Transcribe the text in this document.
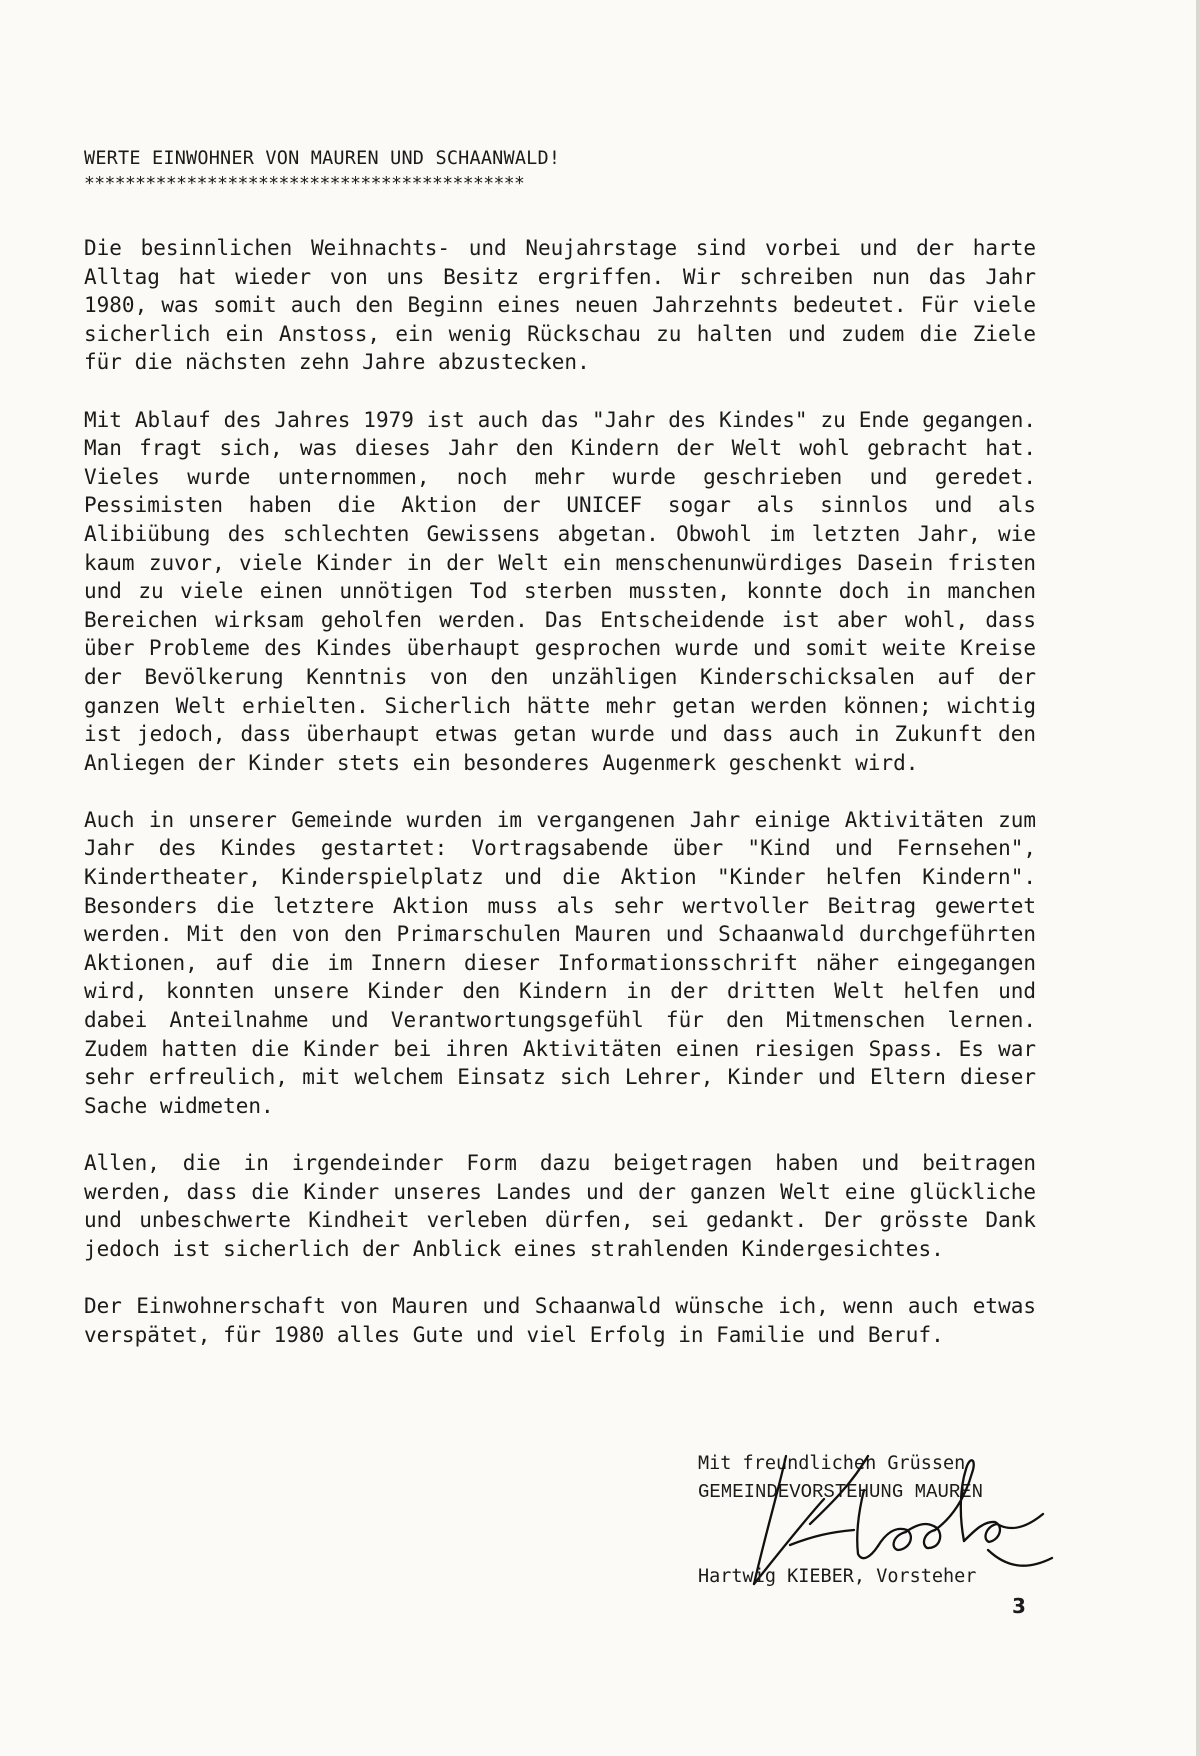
WERTE EINWOHNER VON MAUREN UND SCHAANWALD!
*******************************************

Die besinnlichen Weihnachts- und Neujahrstage sind vorbei und der harte Alltag hat wieder von uns Besitz ergriffen. Wir schreiben nun das Jahr 1980, was somit auch den Beginn eines neuen Jahrzehnts bedeutet. Für viele sicherlich ein Anstoss, ein wenig Rückschau zu halten und zudem die Ziele für die nächsten zehn Jahre abzustecken.

Mit Ablauf des Jahres 1979 ist auch das "Jahr des Kindes" zu Ende gegangen. Man fragt sich, was dieses Jahr den Kindern der Welt wohl gebracht hat. Vieles wurde unternommen, noch mehr wurde geschrieben und geredet. Pessimisten haben die Aktion der UNICEF sogar als sinnlos und als Alibiübung des schlechten Gewissens abgetan. Obwohl im letzten Jahr, wie kaum zuvor, viele Kinder in der Welt ein menschenunwürdiges Dasein fristen und zu viele einen unnötigen Tod sterben mussten, konnte doch in manchen Bereichen wirksam geholfen werden. Das Entscheidende ist aber wohl, dass über Probleme des Kindes überhaupt gesprochen wurde und somit weite Kreise der Bevölkerung Kenntnis von den unzähligen Kinderschicksalen auf der ganzen Welt erhielten. Sicherlich hätte mehr getan werden können; wichtig ist jedoch, dass überhaupt etwas getan wurde und dass auch in Zukunft den Anliegen der Kinder stets ein besonderes Augenmerk geschenkt wird.

Auch in unserer Gemeinde wurden im vergangenen Jahr einige Aktivitäten zum Jahr des Kindes gestartet: Vortragsabende über "Kind und Fernsehen", Kindertheater, Kinderspielplatz und die Aktion "Kinder helfen Kindern". Besonders die letztere Aktion muss als sehr wertvoller Beitrag gewertet werden. Mit den von den Primarschulen Mauren und Schaanwald durchgeführten Aktionen, auf die im Innern dieser Informationsschrift näher eingegangen wird, konnten unsere Kinder den Kindern in der dritten Welt helfen und dabei Anteilnahme und Verantwortungsgefühl für den Mitmenschen lernen. Zudem hatten die Kinder bei ihren Aktivitäten einen riesigen Spass. Es war sehr erfreulich, mit welchem Einsatz sich Lehrer, Kinder und Eltern dieser Sache widmeten.

Allen, die in irgendeinder Form dazu beigetragen haben und beitragen werden, dass die Kinder unseres Landes und der ganzen Welt eine glückliche und unbeschwerte Kindheit verleben dürfen, sei gedankt. Der grösste Dank jedoch ist sicherlich der Anblick eines strahlenden Kindergesichtes.

Der Einwohnerschaft von Mauren und Schaanwald wünsche ich, wenn auch etwas verspätet, für 1980 alles Gute und viel Erfolg in Familie und Beruf.

Mit freundlichen Grüssen
GEMEINDEVORSTEHUNG MAUREN
Hartwig KIEBER, Vorsteher
3
